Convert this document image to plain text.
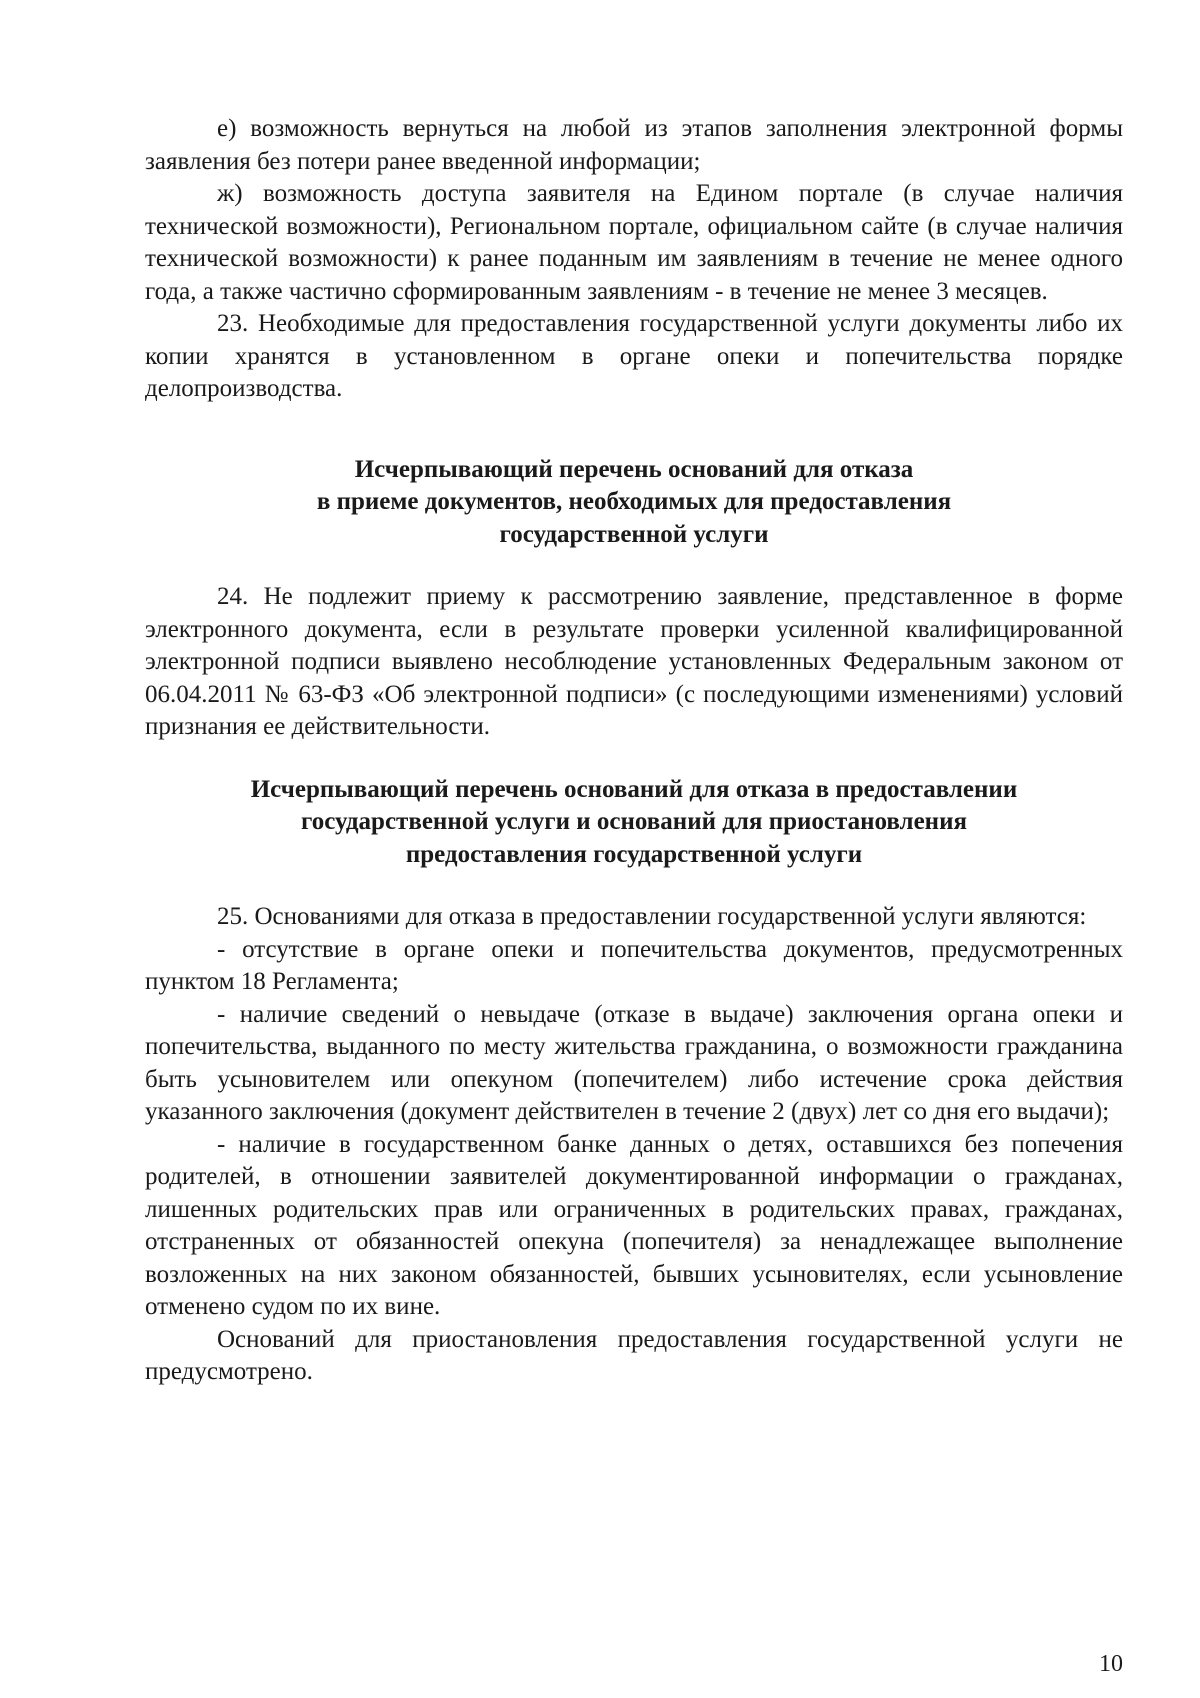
е) возможность вернуться на любой из этапов заполнения электронной формы заявления без потери ранее введенной информации;

ж) возможность доступа заявителя на Едином портале (в случае наличия технической возможности), Региональном портале, официальном сайте (в случае наличия технической возможности) к ранее поданным им заявлениям в течение не менее одного года, а также частично сформированным заявлениям - в течение не менее 3 месяцев.

23. Необходимые для предоставления государственной услуги документы либо их копии хранятся в установленном в органе опеки и попечительства порядке делопроизводства.

Исчерпывающий перечень оснований для отказа
в приеме документов, необходимых для предоставления
государственной услуги

24. Не подлежит приему к рассмотрению заявление, представленное в форме электронного документа, если в результате проверки усиленной квалифицированной электронной подписи выявлено несоблюдение установленных Федеральным законом от 06.04.2011 № 63-ФЗ «Об электронной подписи» (с последующими изменениями) условий признания ее действительности.

Исчерпывающий перечень оснований для отказа в предоставлении
государственной услуги и оснований для приостановления
предоставления государственной услуги

25. Основаниями для отказа в предоставлении государственной услуги являются:

- отсутствие в органе опеки и попечительства документов, предусмотренных пунктом 18 Регламента;

- наличие сведений о невыдаче (отказе в выдаче) заключения органа опеки и попечительства, выданного по месту жительства гражданина, о возможности гражданина быть усыновителем или опекуном (попечителем) либо истечение срока действия указанного заключения (документ действителен в течение 2 (двух) лет со дня его выдачи);

- наличие в государственном банке данных о детях, оставшихся без попечения родителей, в отношении заявителей документированной информации о гражданах, лишенных родительских прав или ограниченных в родительских правах, гражданах, отстраненных от обязанностей опекуна (попечителя) за ненадлежащее выполнение возложенных на них законом обязанностей, бывших усыновителях, если усыновление отменено судом по их вине.

Оснований для приостановления предоставления государственной услуги не предусмотрено.

10
